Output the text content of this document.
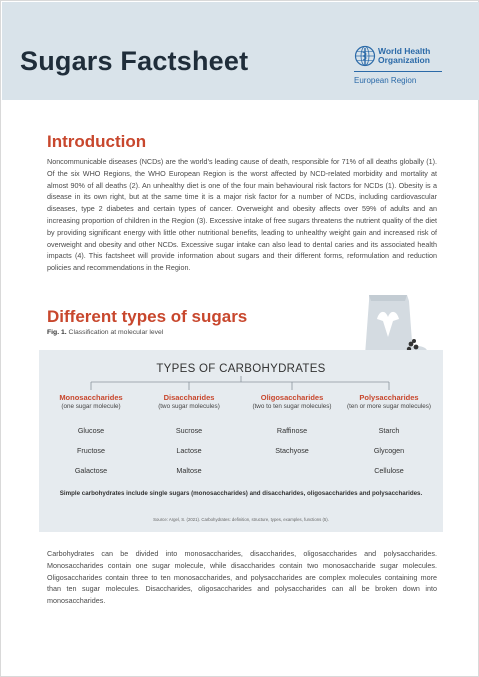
Sugars Factsheet	World Health
Organization
European Region
Introduction

Noncommunicable diseases (NCDs) are the world’s leading cause of death, responsible for 71% of all deaths globally (1). Of the six WHO Regions, the WHO European Region is the worst affected by NCD-related morbidity and mortality at almost 90% of all deaths (2). An unhealthy diet is one of the four main behavioural risk factors for NCDs (1). Obesity is a disease in its own right, but at the same time it is a major risk factor for a number of NCDs, including cardiovascular diseases, type 2 diabetes and certain types of cancer. Overweight and obesity affects over 59% of adults and an increasing proportion of children in the Region (3). Excessive intake of free sugars threatens the nutrient quality of the diet by providing significant energy with little other nutritional benefits, leading to unhealthy weight gain and increased risk of overweight and obesity and other NCDs. Excessive sugar intake can also lead to dental caries and its associated health impacts (4). This factsheet will provide information about sugars and their different forms, reformulation and reduction policies and recommendations in the Region.

Different types of sugars
Fig. 1. Classification at molecular level
TYPES OF CARBOHYDRATES
Monosaccharides
(one sugar molecule)
Glucose
Fructose
Galactose
Disaccharides
(two sugar molecules)
Sucrose
Lactose
Maltose
Oligosaccharides
(two to ten sugar molecules)
Raffinose
Stachyose
Polysaccharides
(ten or more sugar molecules)
Starch
Glycogen
Cellulose
Simple carbohydrates include single sugars (monosaccharides) and disaccharides, oligosaccharides and polysaccharides.
Source: Argel, S. (2021). Carbohydrates: definition, structure, types, examples, functions (5).

Carbohydrates can be divided into monosaccharides, disaccharides, oligosaccharides and polysaccharides. Monosaccharides contain one sugar molecule, while disaccharides contain two monosaccharide sugar molecules. Oligosaccharides contain three to ten monosaccharides, and polysaccharides are complex molecules containing more than ten sugar molecules. Disaccharides, oligosaccharides and polysaccharides can all be broken down into monosaccharides.
